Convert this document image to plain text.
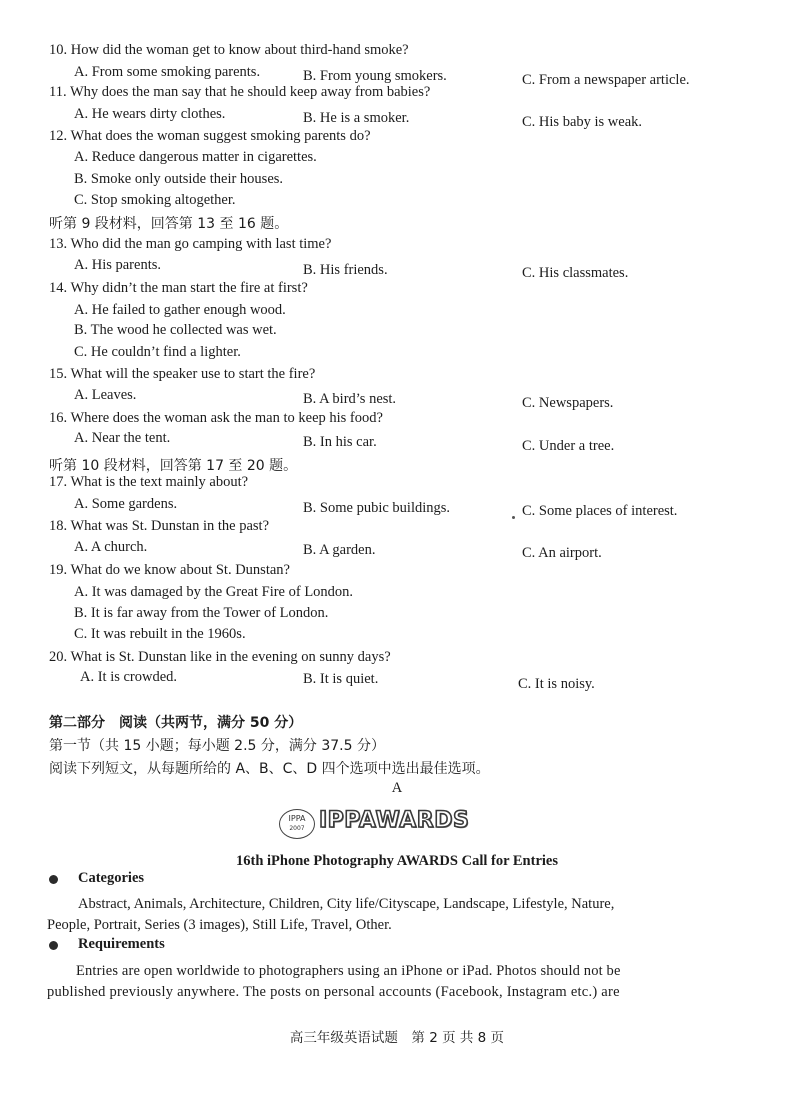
10. How did the woman get to know about third-hand smoke?
A. From some smoking parents.	B. From young smokers.	C. From a newspaper article.
11. Why does the man say that he should keep away from babies?
A. He wears dirty clothes.	B. He is a smoker.	C. His baby is weak.
12. What does the woman suggest smoking parents do?
A. Reduce dangerous matter in cigarettes.
B. Smoke only outside their houses.
C. Stop smoking altogether.
听第 9 段材料，回答第 13 至 16 题。
13. Who did the man go camping with last time?
A. His parents.	B. His friends.	C. His classmates.
14. Why didn’t the man start the fire at first?
A. He failed to gather enough wood.
B. The wood he collected was wet.
C. He couldn’t find a lighter.
15. What will the speaker use to start the fire?
A. Leaves.	B. A bird’s nest.	C. Newspapers.
16. Where does the woman ask the man to keep his food?
A. Near the tent.	B. In his car.	C. Under a tree.
听第 10 段材料，回答第 17 至 20 题。
17. What is the text mainly about?
A. Some gardens.	B. Some pubic buildings.	C. Some places of interest.
18. What was St. Dunstan in the past?
A. A church.	B. A garden.	C. An airport.
19. What do we know about St. Dunstan?
A. It was damaged by the Great Fire of London.
B. It is far away from the Tower of London.
C. It was rebuilt in the 1960s.
20. What is St. Dunstan like in the evening on sunny days?
A. It is crowded.	B. It is quiet.	C. It is noisy.
第二部分　阅读（共两节，满分 50 分）
第一节（共 15 小题；每小题 2.5 分，满分 37.5 分）
阅读下列短文，从每题所给的 A、B、C、D 四个选项中选出最佳选项。
A
IPPA
2007 IPPAWARDS
16th iPhone Photography AWARDS Call for Entries
Categories
Abstract, Animals, Architecture, Children, City life/Cityscape, Landscape, Lifestyle, Nature,
People, Portrait, Series (3 images), Still Life, Travel, Other.
Requirements
Entries are open worldwide to photographers using an iPhone or iPad. Photos should not be
published previously anywhere. The posts on personal accounts (Facebook, Instagram etc.) are
高三年级英语试题　第 2 页 共 8 页
